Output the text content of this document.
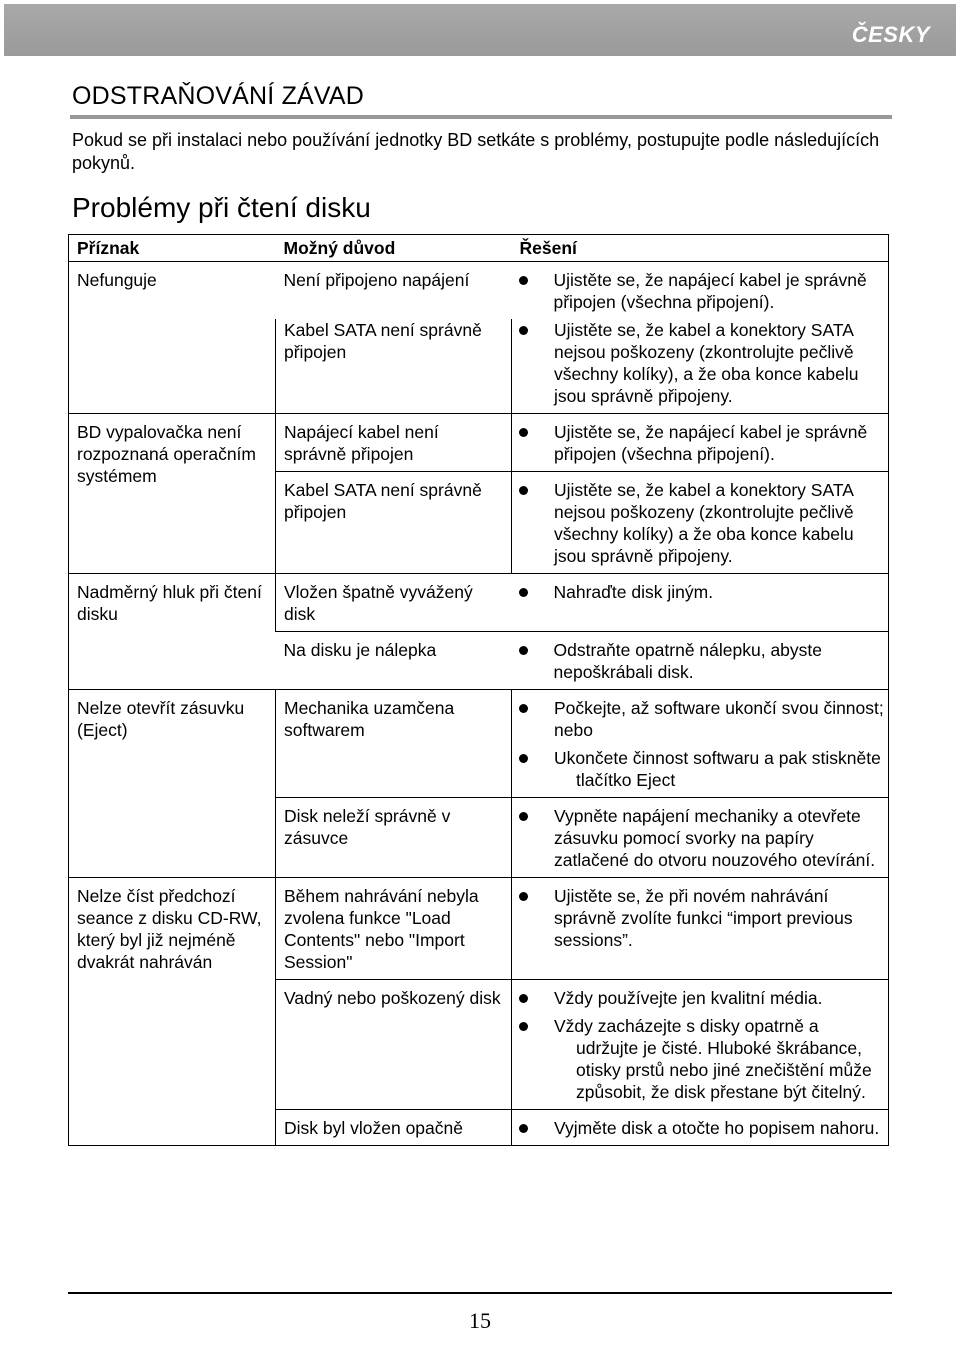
ČESKY
ODSTRAŇOVÁNÍ ZÁVAD

Pokud se při instalaci nebo používání jednotky BD setkáte s problémy, postupujte podle následujících pokynů.

Problémy při čtení disku
Příznak	Možný důvod	Řešení

Nefunguje	Není připojeno napájení	Ujistěte se, že napájecí kabel je správně připojen (všechna připojení).

	Kabel SATA není správně připojen	Ujistěte se, že kabel a konektory SATA nejsou poškozeny (zkontrolujte pečlivě všechny kolíky), a že oba konce kabelu jsou správně připojeny.

BD vypalovačka není rozpoznaná operačním systémem	Napájecí kabel není správně připojen	Ujistěte se, že napájecí kabel je správně připojen (všechna připojení).

	Kabel SATA není správně připojen	Ujistěte se, že kabel a konektory SATA nejsou poškozeny (zkontrolujte pečlivě všechny kolíky) a že oba konce kabelu jsou správně připojeny.

Nadměrný hluk při čtení disku	Vložen špatně vyvážený disk	Nahraďte disk jiným.

	Na disku je nálepka	Odstraňte opatrně nálepku, abyste nepoškrábali disk.

Nelze otevřít zásuvku (Eject)	Mechanika uzamčena softwarem	Počkejte, až software ukončí svou činnost; nebo
Ukončete činnost softwaru a pak stiskněte tlačítko Eject

	Disk neleží správně v zásuvce	Vypněte napájení mechaniky a otevřete zásuvku pomocí svorky na papíry zatlačené do otvoru nouzového otevírání.

Nelze číst předchozí seance z disku CD-RW, který byl již nejméně dvakrát nahráván	Během nahrávání nebyla zvolena funkce "Load Contents" nebo "Import Session"	Ujistěte se, že při novém nahrávání správně zvolíte funkci “import previous sessions”.

	Vadný nebo poškozený disk	Vždy používejte jen kvalitní média.
Vždy zacházejte s disky opatrně a udržujte je čisté. Hluboké škrábance, otisky prstů nebo jiné znečištění může způsobit, že disk přestane být čitelný.

	Disk byl vložen opačně	Vyjměte disk a otočte ho popisem nahoru.
15
